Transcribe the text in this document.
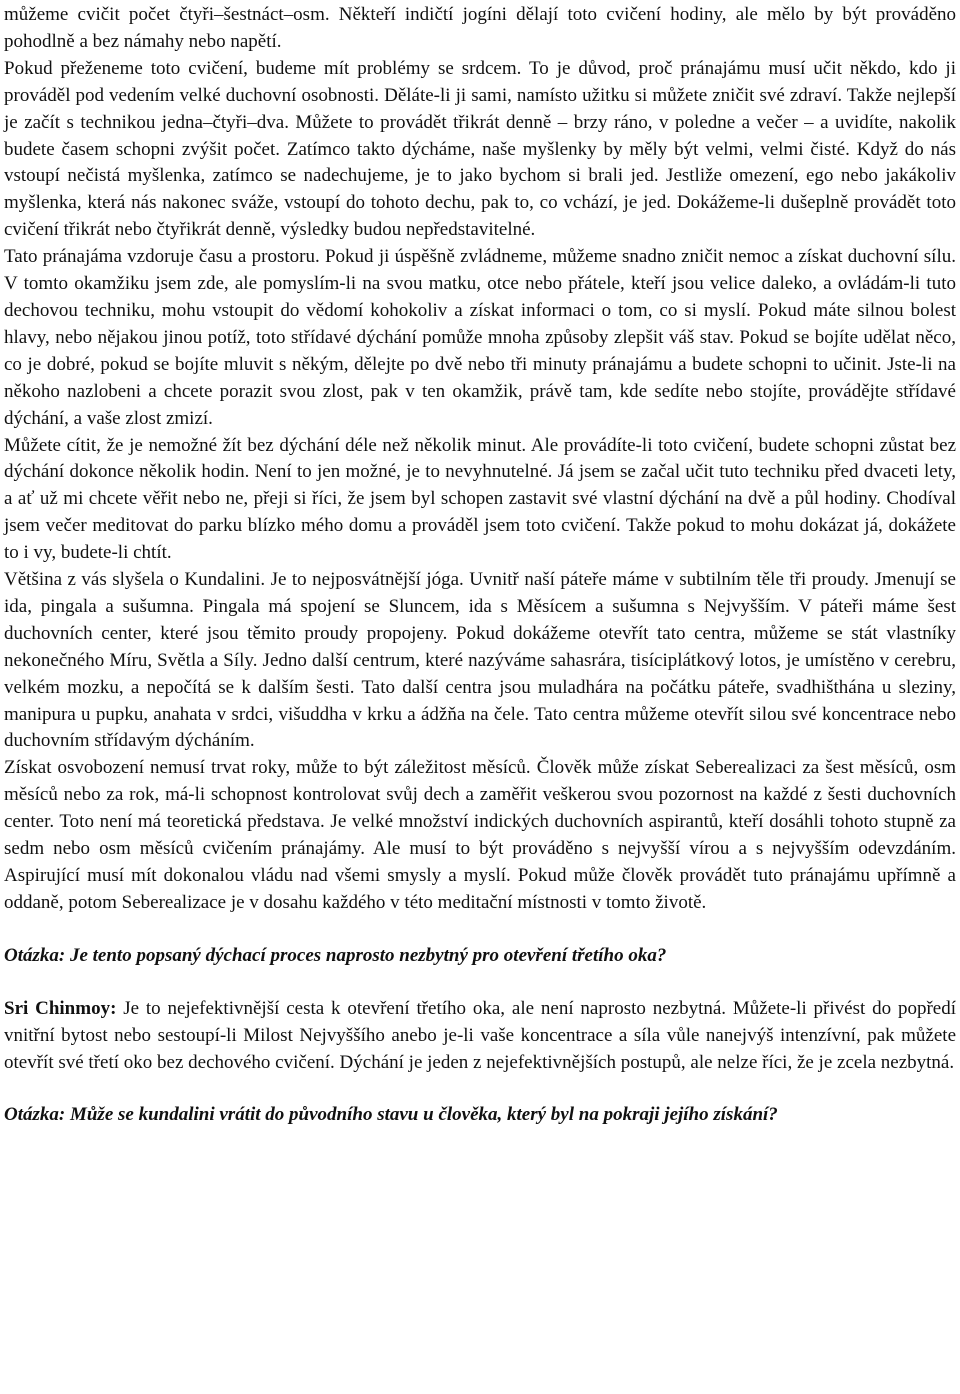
můžeme cvičit počet čtyři–šestnáct–osm. Někteří indičtí jogíni dělají toto cvičení hodiny, ale mělo by být prováděno pohodlně a bez námahy nebo napětí.

Pokud přeženeme toto cvičení, budeme mít problémy se srdcem. To je důvod, proč pránajámu musí učit někdo, kdo ji prováděl pod vedením velké duchovní osobnosti. Děláte-li ji sami, namísto užitku si můžete zničit své zdraví. Takže nejlepší je začít s technikou jedna–čtyři–dva. Můžete to provádět třikrát denně – brzy ráno, v poledne a večer – a uvidíte, nakolik budete časem schopni zvýšit počet. Zatímco takto dýcháme, naše myšlenky by měly být velmi, velmi čisté. Když do nás vstoupí nečistá myšlenka, zatímco se nadechujeme, je to jako bychom si brali jed. Jestliže omezení, ego nebo jakákoliv myšlenka, která nás nakonec sváže, vstoupí do tohoto dechu, pak to, co vchází, je jed. Dokážeme-li dušeplně provádět toto cvičení třikrát nebo čtyřikrát denně, výsledky budou nepředstavitelné.

Tato pránajáma vzdoruje času a prostoru. Pokud ji úspěšně zvládneme, můžeme snadno zničit nemoc a získat duchovní sílu. V tomto okamžiku jsem zde, ale pomyslím-li na svou matku, otce nebo přátele, kteří jsou velice daleko, a ovládám-li tuto dechovou techniku, mohu vstoupit do vědomí kohokoliv a získat informaci o tom, co si myslí. Pokud máte silnou bolest hlavy, nebo nějakou jinou potíž, toto střídavé dýchání pomůže mnoha způsoby zlepšit váš stav. Pokud se bojíte udělat něco, co je dobré, pokud se bojíte mluvit s někým, dělejte po dvě nebo tři minuty pránajámu a budete schopni to učinit. Jste-li na někoho nazlobeni a chcete porazit svou zlost, pak v ten okamžik, právě tam, kde sedíte nebo stojíte, provádějte střídavé dýchání, a vaše zlost zmizí.

Můžete cítit, že je nemožné žít bez dýchání déle než několik minut. Ale provádíte-li toto cvičení, budete schopni zůstat bez dýchání dokonce několik hodin. Není to jen možné, je to nevyhnutelné. Já jsem se začal učit tuto techniku před dvaceti lety, a ať už mi chcete věřit nebo ne, přeji si říci, že jsem byl schopen zastavit své vlastní dýchání na dvě a půl hodiny. Chodíval jsem večer meditovat do parku blízko mého domu a prováděl jsem toto cvičení. Takže pokud to mohu dokázat já, dokážete to i vy, budete-li chtít.

Většina z vás slyšela o Kundalini. Je to nejposvátnější jóga. Uvnitř naší páteře máme v subtilním těle tři proudy. Jmenují se ida, pingala a sušumna. Pingala má spojení se Sluncem, ida s Měsícem a sušumna s Nejvyšším. V páteři máme šest duchovních center, které jsou těmito proudy propojeny. Pokud dokážeme otevřít tato centra, můžeme se stát vlastníky nekonečného Míru, Světla a Síly. Jedno další centrum, které nazýváme sahasrára, tisíciplátkový lotos, je umístěno v cerebru, velkém mozku, a nepočítá se k dalším šesti. Tato další centra jsou muladhára na počátku páteře, svadhišthána u sleziny, manipura u pupku, anahata v srdci, višuddha v krku a ádžňa na čele. Tato centra můžeme otevřít silou své koncentrace nebo duchovním střídavým dýcháním.

Získat osvobození nemusí trvat roky, může to být záležitost měsíců. Člověk může získat Seberealizaci za šest měsíců, osm měsíců nebo za rok, má-li schopnost kontrolovat svůj dech a zaměřit veškerou svou pozornost na každé z šesti duchovních center. Toto není má teoretická představa. Je velké množství indických duchovních aspirantů, kteří dosáhli tohoto stupně za sedm nebo osm měsíců cvičením pránajámy. Ale musí to být prováděno s nejvyšší vírou a s nejvyšším odevzdáním. Aspirující musí mít dokonalou vládu nad všemi smysly a myslí. Pokud může člověk provádět tuto pránajámu upřímně a oddaně, potom Seberealizace je v dosahu každého v této meditační místnosti v tomto životě.

Otázka: Je tento popsaný dýchací proces naprosto nezbytný pro otevření třetího oka?

Sri Chinmoy: Je to nejefektivnější cesta k otevření třetího oka, ale není naprosto nezbytná. Můžete-li přivést do popředí vnitřní bytost nebo sestoupí-li Milost Nejvyššího anebo je-li vaše koncentrace a síla vůle nanejvýš intenzívní, pak můžete otevřít své třetí oko bez dechového cvičení. Dýchání je jeden z nejefektivnějších postupů, ale nelze říci, že je zcela nezbytná.

Otázka: Může se kundalini vrátit do původního stavu u člověka, který byl na pokraji jejího získání?
